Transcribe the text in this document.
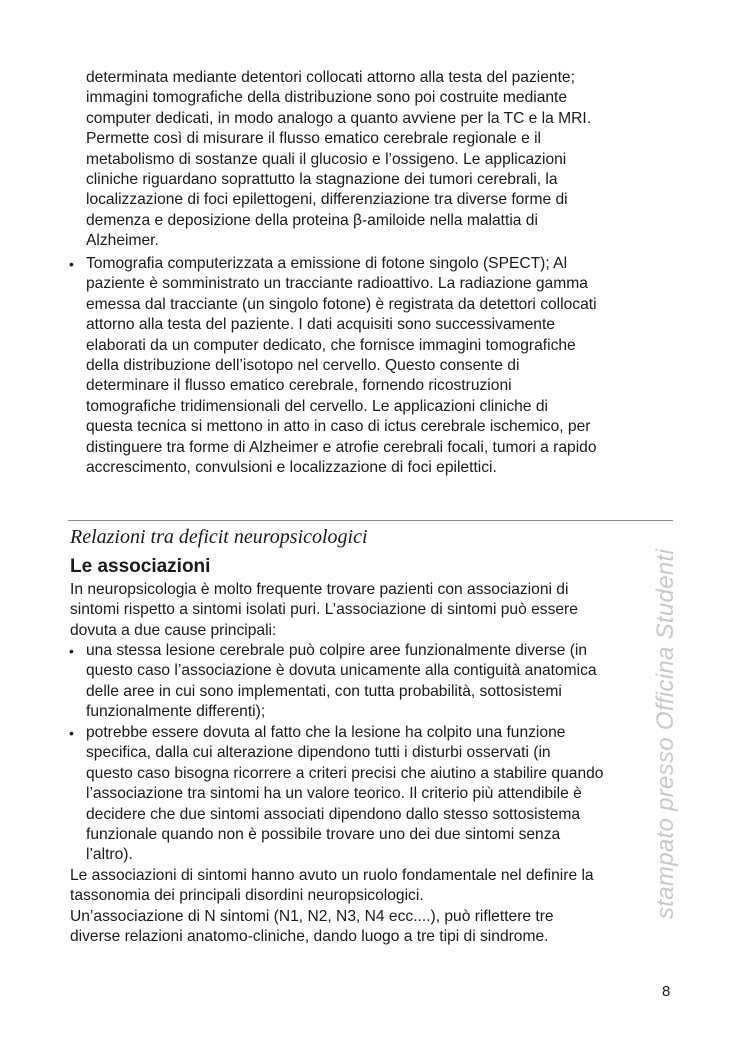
determinata mediante detentori collocati attorno alla testa del paziente;
immagini tomografiche della distribuzione sono poi costruite mediante
computer dedicati, in modo analogo a quanto avviene per la TC e la MRI.
Permette così di misurare il flusso ematico cerebrale regionale e il
metabolismo di sostanze quali il glucosio e l’ossigeno. Le applicazioni
cliniche riguardano soprattutto la stagnazione dei tumori cerebrali, la
localizzazione di foci epilettogeni, differenziazione tra diverse forme di
demenza e deposizione della proteina β-amiloide nella malattia di
Alzheimer.
• Tomografia computerizzata a emissione di fotone singolo (SPECT); Al
paziente è somministrato un tracciante radioattivo. La radiazione gamma
emessa dal tracciante (un singolo fotone) è registrata da detettori collocati
attorno alla testa del paziente. I dati acquisiti sono successivamente
elaborati da un computer dedicato, che fornisce immagini tomografiche
della distribuzione dell’isotopo nel cervello. Questo consente di
determinare il flusso ematico cerebrale, fornendo ricostruzioni
tomografiche tridimensionali del cervello. Le applicazioni cliniche di
questa tecnica si mettono in atto in caso di ictus cerebrale ischemico, per
distinguere tra forme di Alzheimer e atrofie cerebrali focali, tumori a rapido
accrescimento, convulsioni e localizzazione di foci epilettici.
Relazioni tra deficit neuropsicologici
Le associazioni
In neuropsicologia è molto frequente trovare pazienti con associazioni di
sintomi rispetto a sintomi isolati puri. L’associazione di sintomi può essere
dovuta a due cause principali:
• una stessa lesione cerebrale può colpire aree funzionalmente diverse (in
questo caso l’associazione è dovuta unicamente alla contiguità anatomica
delle aree in cui sono implementati, con tutta probabilità, sottosistemi
funzionalmente differenti);
• potrebbe essere dovuta al fatto che la lesione ha colpito una funzione
specifica, dalla cui alterazione dipendono tutti i disturbi osservati (in
questo caso bisogna ricorrere a criteri precisi che aiutino a stabilire quando
l’associazione tra sintomi ha un valore teorico. Il criterio più attendibile è
decidere che due sintomi associati dipendono dallo stesso sottosistema
funzionale quando non è possibile trovare uno dei due sintomi senza
l’altro).
Le associazioni di sintomi hanno avuto un ruolo fondamentale nel definire la
tassonomia dei principali disordini neuropsicologici.
Un’associazione di N sintomi (N1, N2, N3, N4 ecc....), può riflettere tre
diverse relazioni anatomo-cliniche, dando luogo a tre tipi di sindrome.
stampato presso Officina Studenti
8
